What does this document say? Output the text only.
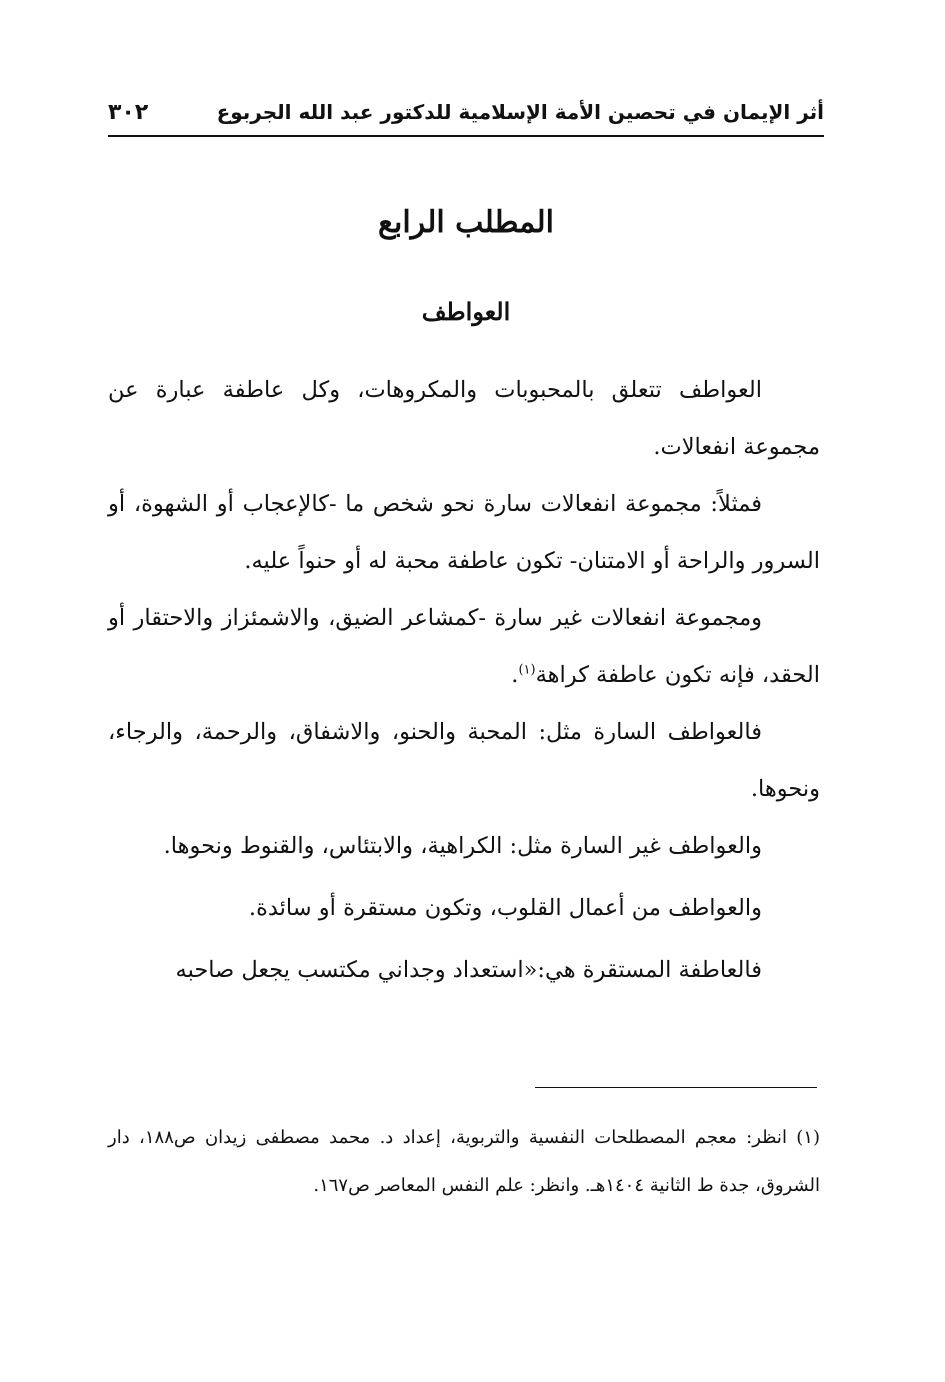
أثر الإيمان في تحصين الأمة الإسلامية للدكتور عبد الله الجربوع
٣٠٢
المطلب الرابع
العواطف

العواطف تتعلق بالمحبوبات والمكروهات، وكل عاطفة عبارة عن مجموعة انفعالات.

فمثلاً: مجموعة انفعالات سارة نحو شخص ما -كالإعجاب أو الشهوة، أو السرور والراحة أو الامتنان- تكون عاطفة محبة له أو حنواً عليه.

ومجموعة انفعالات غير سارة -كمشاعر الضيق، والاشمئزاز والاحتقار أو الحقد، فإنه تكون عاطفة كراهة$^{(١)}$.

فالعواطف السارة مثل: المحبة والحنو، والاشفاق، والرحمة، والرجاء، ونحوها.

والعواطف غير السارة مثل: الكراهية، والابتئاس، والقنوط ونحوها.

والعواطف من أعمال القلوب، وتكون مستقرة أو سائدة.

فالعاطفة المستقرة هي:«استعداد وجداني مكتسب يجعل صاحبه

(١) انظر: معجم المصطلحات النفسية والتربوية، إعداد د. محمد مصطفى زيدان ص١٨٨، دار الشروق، جدة ط الثانية ١٤٠٤هـ. وانظر: علم النفس المعاصر ص١٦٧.
